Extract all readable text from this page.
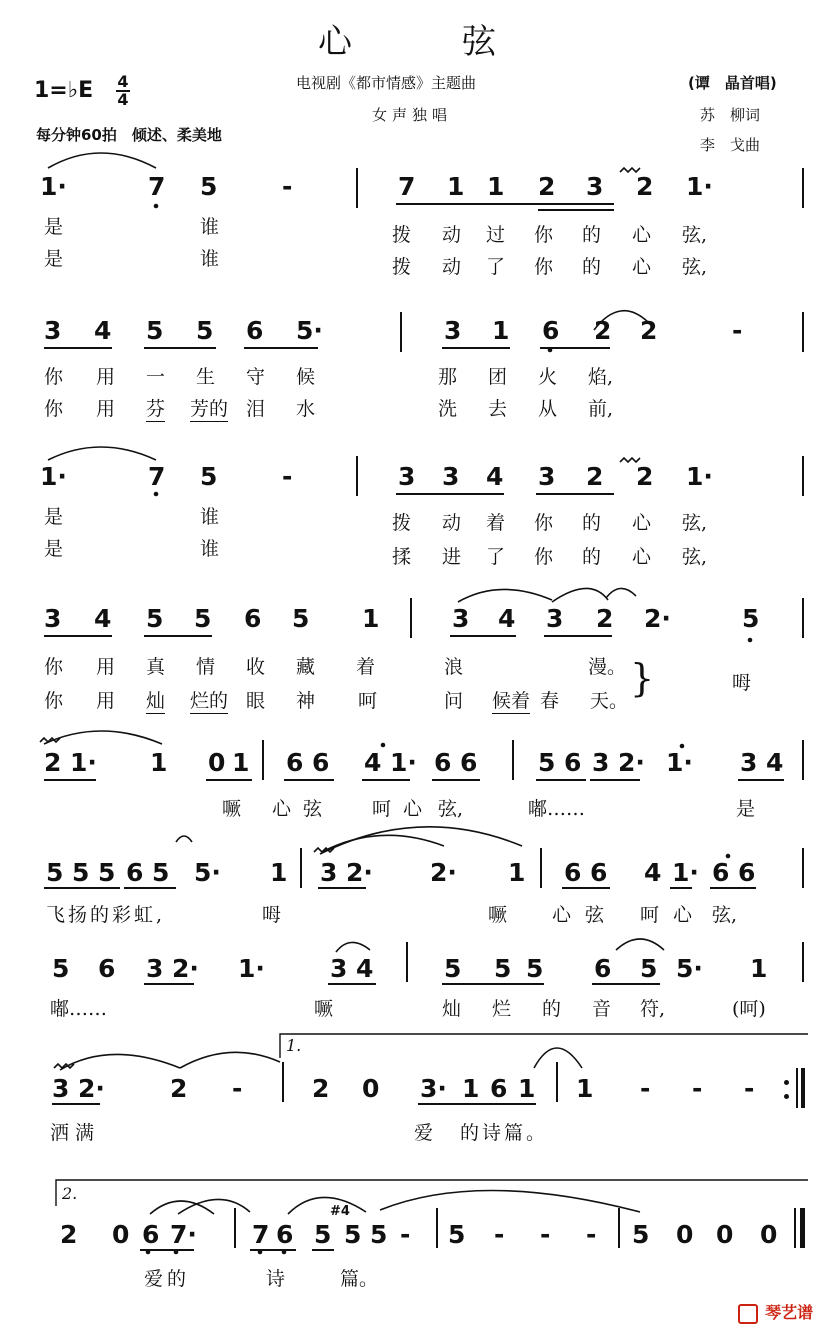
心　　　弦
电视剧《都市情感》主题曲
女声独唱
(谭　晶首唱)
苏　柳词
李　戈曲
1=♭E $\frac{4}{4}$
每分钟60拍　倾述、柔美地
1·	7 5	-	7 1 1 2 3 2 1·
是	谁	拨 动 过 你 的 心 弦,
是	谁	拨 动 了 你 的 心 弦,
3 4 5 5 6 5·	3 1 6 2 2	-
你 用 一 生 守 候	那 团 火 焰,
你 用 芬 芳的 泪 水	洗 去 从 前,
1·	7 5	-	3 3 4 3 2 2 1·
是	谁	拨 动 着 你 的 心 弦,
是	谁	揉 进 了 你 的 心 弦,
3 4 5 5 6 5 1	3 4 3 2 2·	5
你 用 真 情 收 藏 着	浪	漫。
你 用 灿 烂的 眼 神 呵	问 候着 春 天。
}	呣
2 1· 1 0 1 6 6 4 1· 6 6 5 6 3 2· 1· 3 4
噘 心弦 呵心 弦,	嘟……	是
5 5 5 6 5 5· 1 3 2· 2· 1 6 6 4 1· 6 6
飞扬的彩虹,	呣	噘 心弦 呵心 弦,
5 6 3 2· 1·	3 4	5 5 5 6 5 5· 1
嘟……	噘	灿 烂 的 音 符,	(呵)
1.
3 2·	2 -	2 0 3· 1 6 1 1 - - -
洒满	爱 的诗篇。
2.
2 0 6 7· 7 6 5
#4
5 5 - 5 - - - 5 0 0 0
爱的	诗	篇。
琴艺谱
